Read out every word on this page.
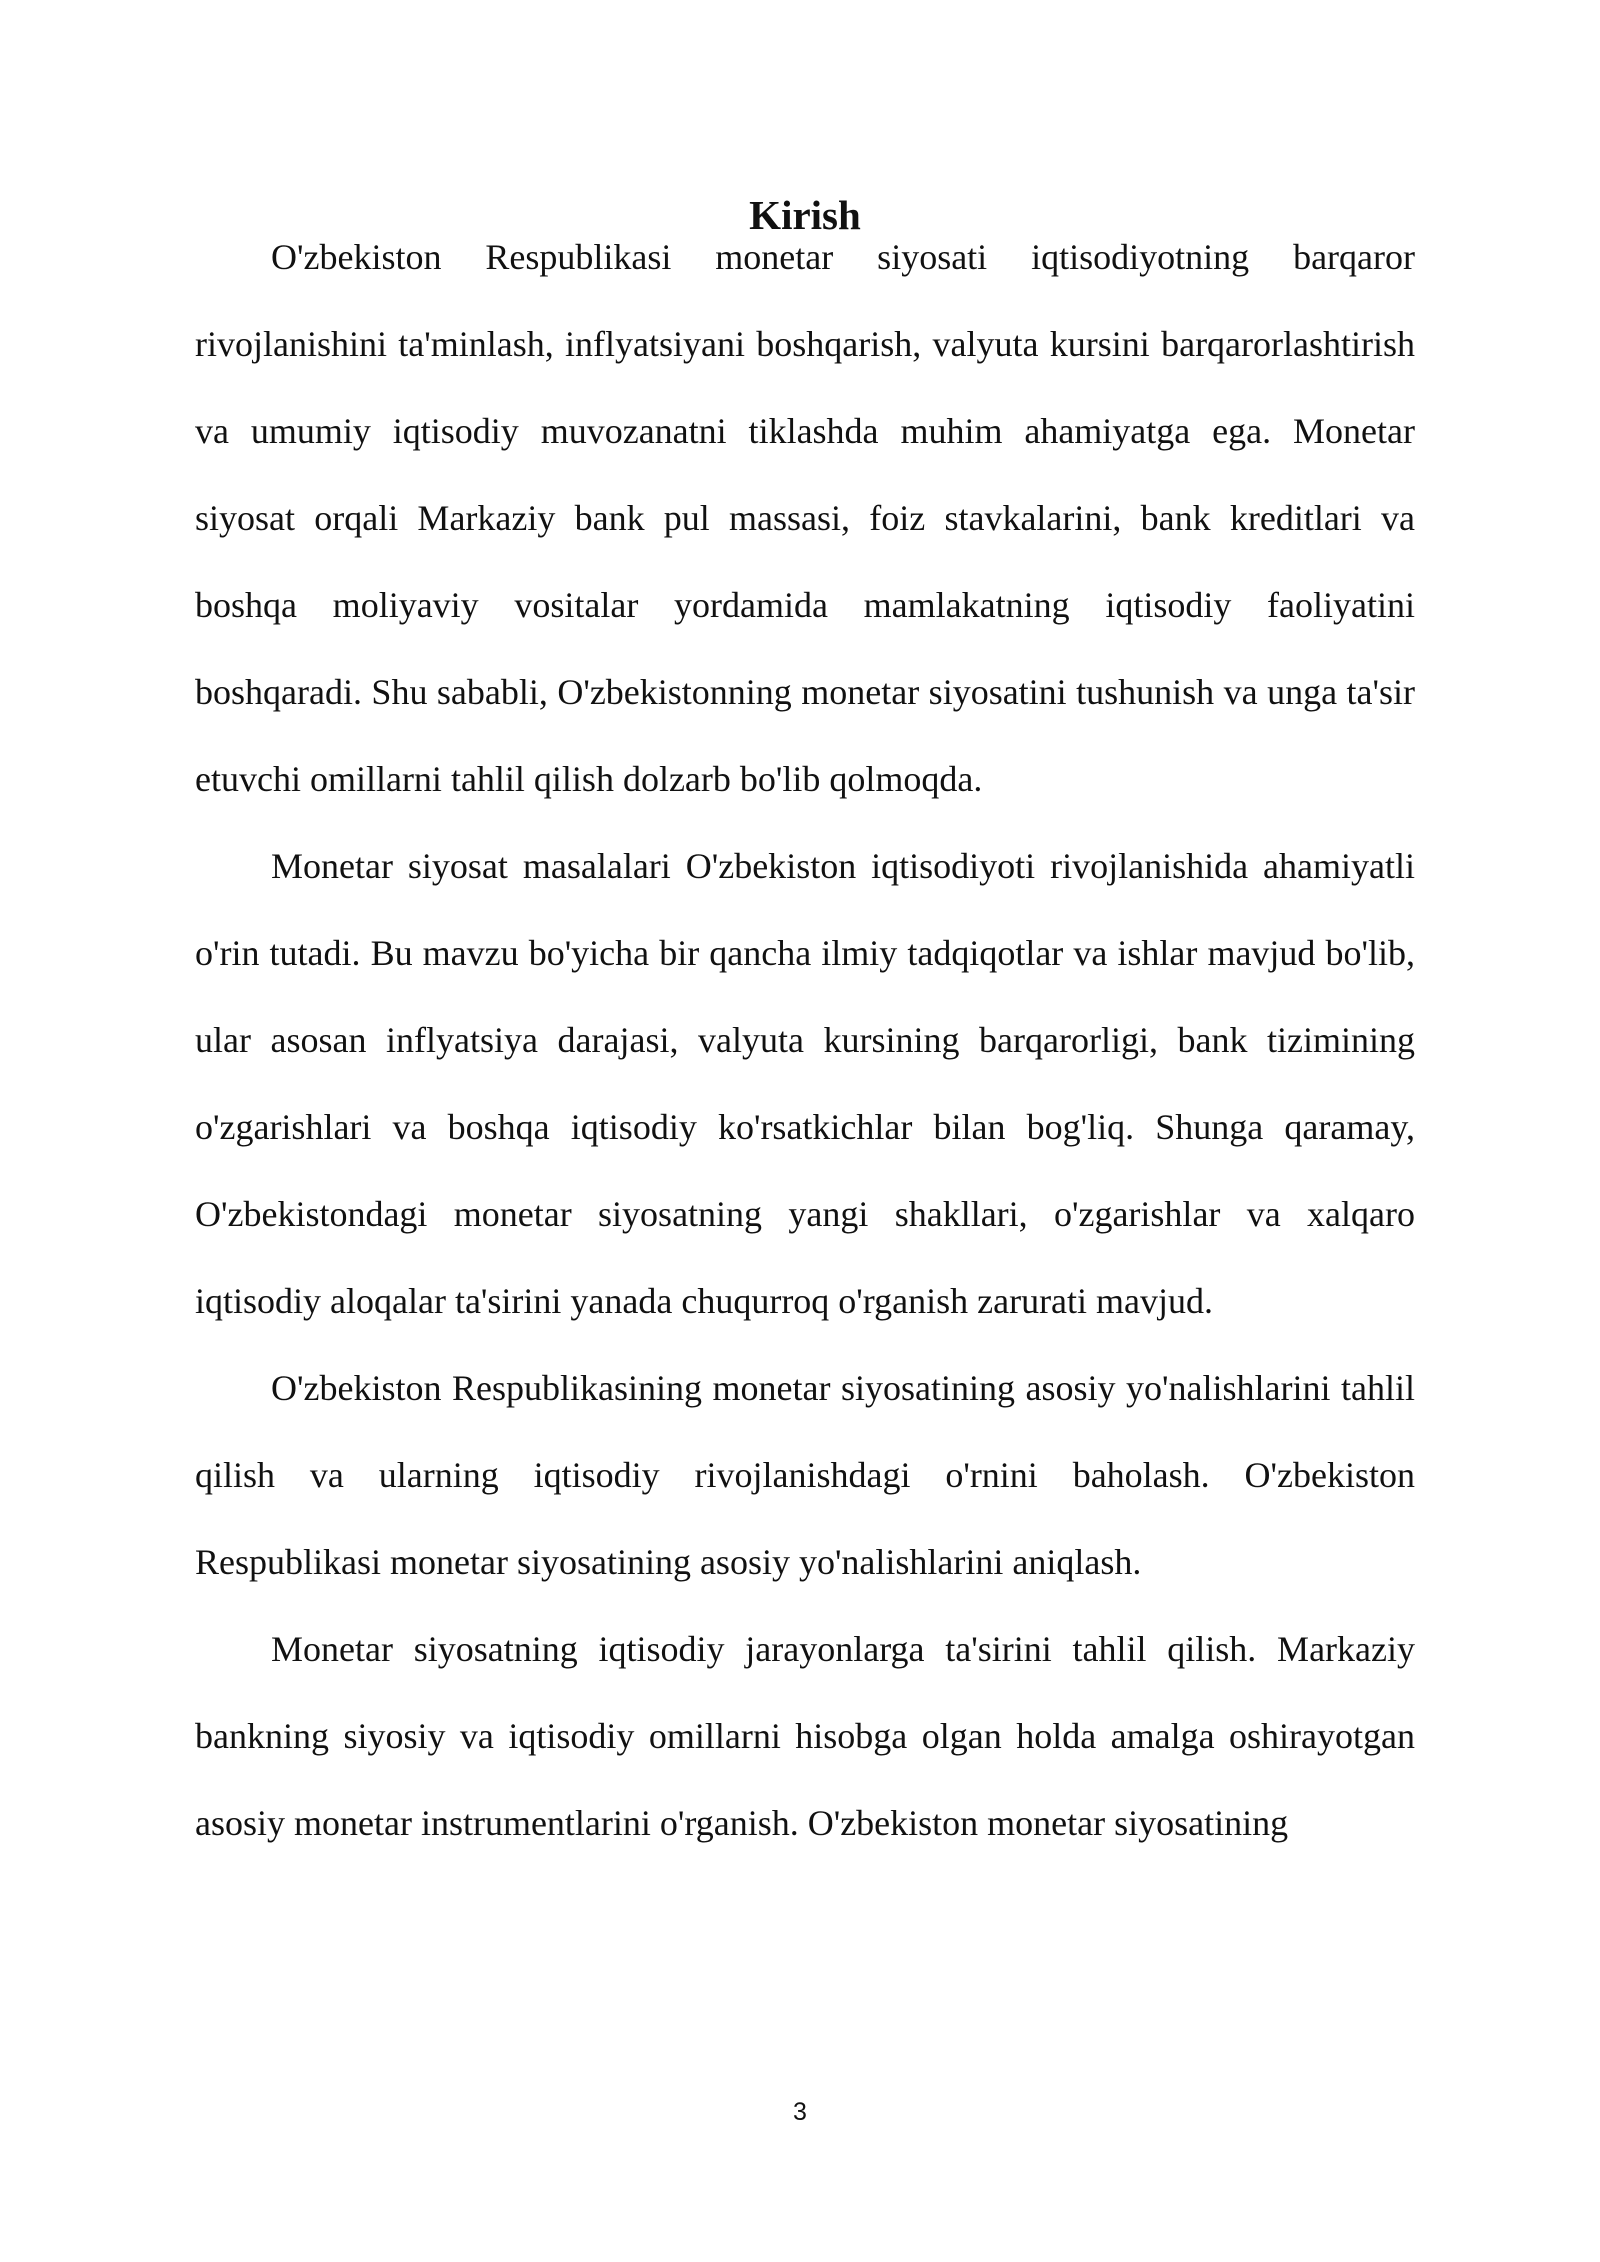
Kirish

O'zbekiston Respublikasi monetar siyosati iqtisodiyotning barqaror rivojlanishini ta'minlash, inflyatsiyani boshqarish, valyuta kursini barqarorlashtirish va umumiy iqtisodiy muvozanatni tiklashda muhim ahamiyatga ega. Monetar siyosat orqali Markaziy bank pul massasi, foiz stavkalarini, bank kreditlari va boshqa moliyaviy vositalar yordamida mamlakatning iqtisodiy faoliyatini boshqaradi. Shu sababli, O'zbekistonning monetar siyosatini tushunish va unga ta'sir etuvchi omillarni tahlil qilish dolzarb bo'lib qolmoqda.

Monetar siyosat masalalari O'zbekiston iqtisodiyoti rivojlanishida ahamiyatli o'rin tutadi. Bu mavzu bo'yicha bir qancha ilmiy tadqiqotlar va ishlar mavjud bo'lib, ular asosan inflyatsiya darajasi, valyuta kursining barqarorligi, bank tizimining o'zgarishlari va boshqa iqtisodiy ko'rsatkichlar bilan bog'liq. Shunga qaramay, O'zbekistondagi monetar siyosatning yangi shakllari, o'zgarishlar va xalqaro iqtisodiy aloqalar ta'sirini yanada chuqurroq o'rganish zarurati mavjud.

O'zbekiston Respublikasining monetar siyosatining asosiy yo'nalishlarini tahlil qilish va ularning iqtisodiy rivojlanishdagi o'rnini baholash. O'zbekiston Respublikasi monetar siyosatining asosiy yo'nalishlarini aniqlash.

Monetar siyosatning iqtisodiy jarayonlarga ta'sirini tahlil qilish. Markaziy bankning siyosiy va iqtisodiy omillarni hisobga olgan holda amalga oshirayotgan asosiy monetar instrumentlarini o'rganish. O'zbekiston monetar siyosatining

3
